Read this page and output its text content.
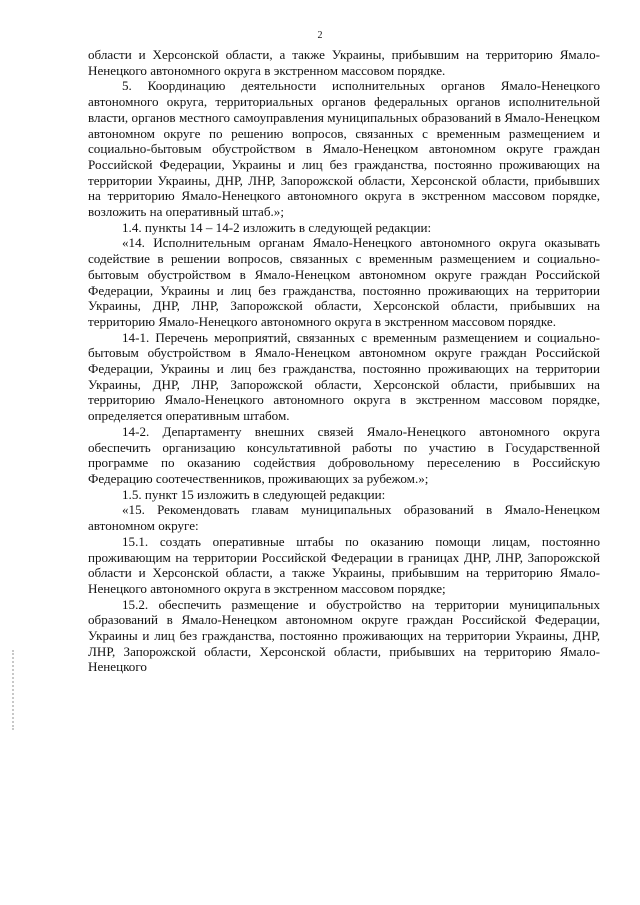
2

области и Херсонской области, а также Украины, прибывшим на территорию Ямало-Ненецкого автономного округа в экстренном массовом порядке.

5. Координацию деятельности исполнительных органов Ямало-Ненецкого автономного округа, территориальных органов федеральных органов исполнительной власти, органов местного самоуправления муниципальных образований в Ямало-Ненецком автономном округе по решению вопросов, связанных с временным размещением и социально-бытовым обустройством в Ямало-Ненецком автономном округе граждан Российской Федерации, Украины и лиц без гражданства, постоянно проживающих на территории Украины, ДНР, ЛНР, Запорожской области, Херсонской области, прибывших на территорию Ямало-Ненецкого автономного округа в экстренном массовом порядке, возложить на оперативный штаб.»;

1.4. пункты 14 – 14-2 изложить в следующей редакции:

«14. Исполнительным органам Ямало-Ненецкого автономного округа оказывать содействие в решении вопросов, связанных с временным размещением и социально-бытовым обустройством в Ямало-Ненецком автономном округе граждан Российской Федерации, Украины и лиц без гражданства, постоянно проживающих на территории Украины, ДНР, ЛНР, Запорожской области, Херсонской области, прибывших на территорию Ямало-Ненецкого автономного округа в экстренном массовом порядке.

14-1. Перечень мероприятий, связанных с временным размещением и социально-бытовым обустройством в Ямало-Ненецком автономном округе граждан Российской Федерации, Украины и лиц без гражданства, постоянно проживающих на территории Украины, ДНР, ЛНР, Запорожской области, Херсонской области, прибывших на территорию Ямало-Ненецкого автономного округа в экстренном массовом порядке, определяется оперативным штабом.

14-2. Департаменту внешних связей Ямало-Ненецкого автономного округа обеспечить организацию консультативной работы по участию в Государственной программе по оказанию содействия добровольному переселению в Российскую Федерацию соотечественников, проживающих за рубежом.»;

1.5. пункт 15 изложить в следующей редакции:

«15. Рекомендовать главам муниципальных образований в Ямало-Ненецком автономном округе:

15.1. создать оперативные штабы по оказанию помощи лицам, постоянно проживающим на территории Российской Федерации в границах ДНР, ЛНР, Запорожской области и Херсонской области, а также Украины, прибывшим на территорию Ямало-Ненецкого автономного округа в экстренном массовом порядке;

15.2. обеспечить размещение и обустройство на территории муниципальных образований в Ямало-Ненецком автономном округе граждан Российской Федерации, Украины и лиц без гражданства, постоянно проживающих на территории Украины, ДНР, ЛНР, Запорожской области, Херсонской области, прибывших на территорию Ямало-Ненецкого
